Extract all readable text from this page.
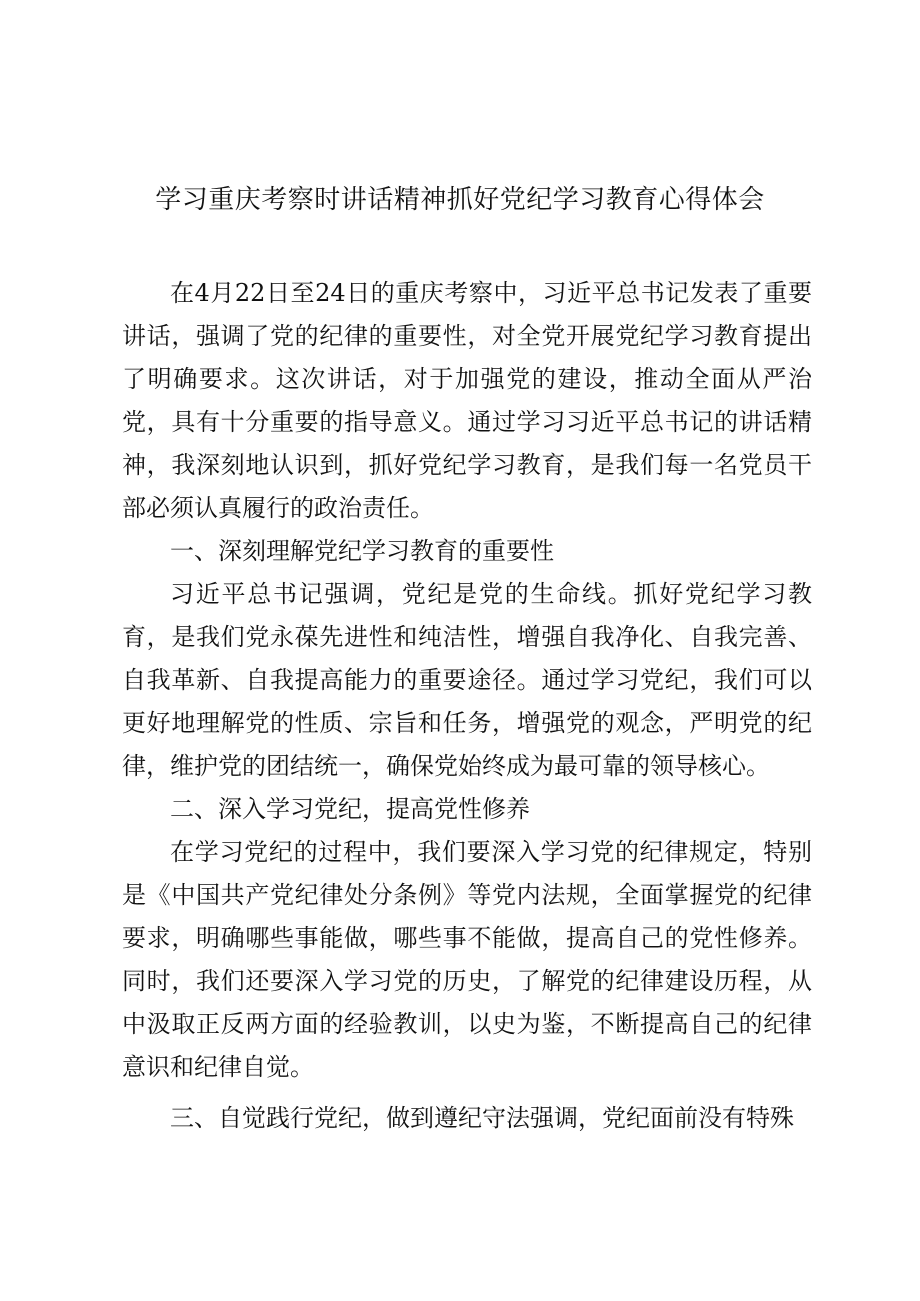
学习重庆考察时讲话精神抓好党纪学习教育心得体会

在4月22日至24日的重庆考察中，习近平总书记发表了重要讲话，强调了党的纪律的重要性，对全党开展党纪学习教育提出了明确要求。这次讲话，对于加强党的建设，推动全面从严治党，具有十分重要的指导意义。通过学习习近平总书记的讲话精神，我深刻地认识到，抓好党纪学习教育，是我们每一名党员干部必须认真履行的政治责任。

一、深刻理解党纪学习教育的重要性

习近平总书记强调，党纪是党的生命线。抓好党纪学习教育，是我们党永葆先进性和纯洁性，增强自我净化、自我完善、自我革新、自我提高能力的重要途径。通过学习党纪，我们可以更好地理解党的性质、宗旨和任务，增强党的观念，严明党的纪律，维护党的团结统一，确保党始终成为最可靠的领导核心。

二、深入学习党纪，提高党性修养

在学习党纪的过程中，我们要深入学习党的纪律规定，特别是《中国共产党纪律处分条例》等党内法规，全面掌握党的纪律要求，明确哪些事能做，哪些事不能做，提高自己的党性修养。同时，我们还要深入学习党的历史，了解党的纪律建设历程，从中汲取正反两方面的经验教训，以史为鉴，不断提高自己的纪律意识和纪律自觉。

三、自觉践行党纪，做到遵纪守法强调，党纪面前没有特殊
